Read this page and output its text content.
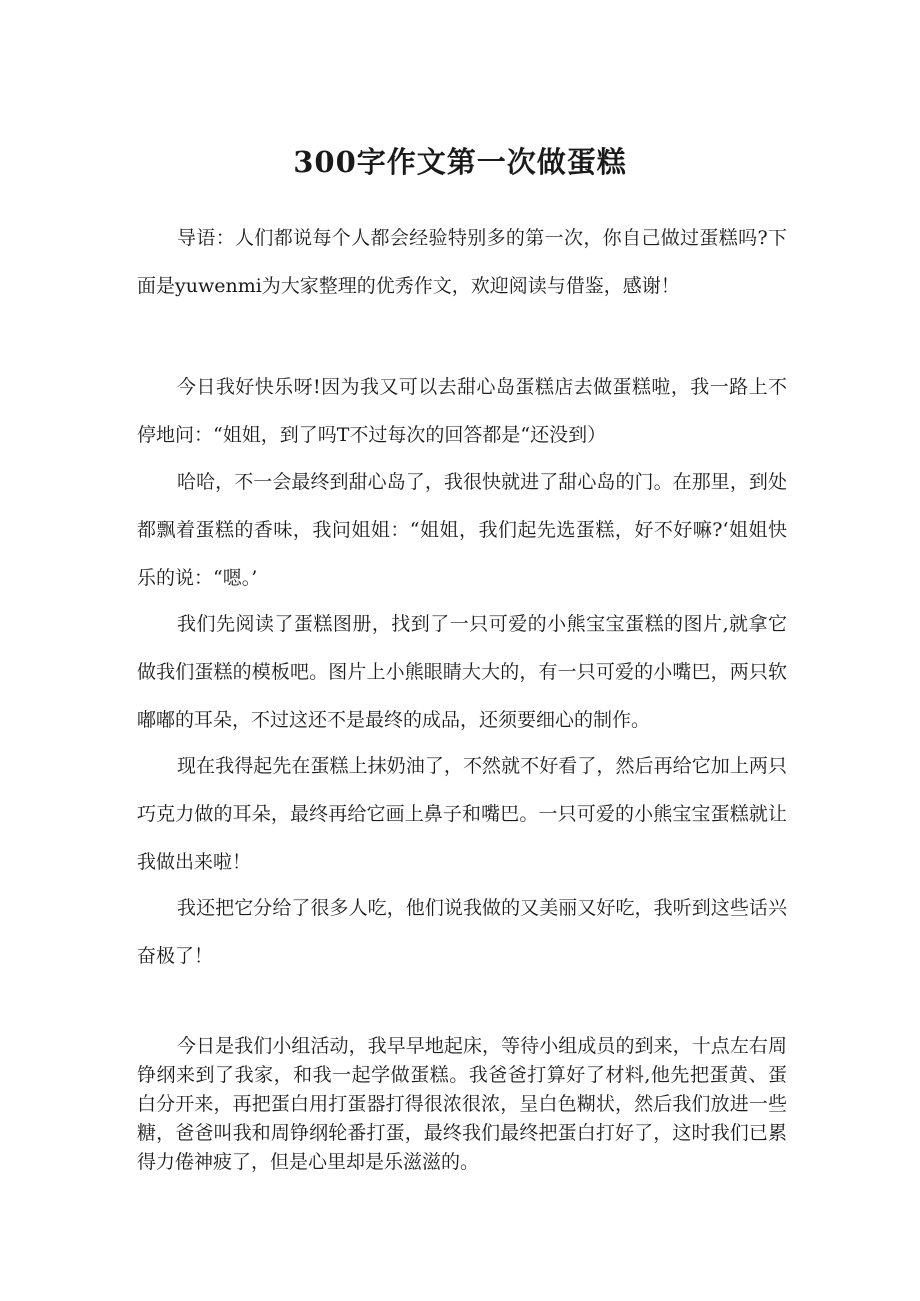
300字作文第一次做蛋糕

导语：人们都说每个人都会经验特别多的第一次，你自己做过蛋糕吗?下面是yuwenmi为大家整理的优秀作文，欢迎阅读与借鉴，感谢！

今日我好快乐呀!因为我又可以去甜心岛蛋糕店去做蛋糕啦，我一路上不停地问：“姐姐，到了吗T不过每次的回答都是“还没到）

哈哈，不一会最终到甜心岛了，我很快就进了甜心岛的门。在那里，到处都飘着蛋糕的香味，我问姐姐：“姐姐，我们起先选蛋糕，好不好嘛?‘姐姐快乐的说：“嗯。’

我们先阅读了蛋糕图册，找到了一只可爱的小熊宝宝蛋糕的图片,就拿它做我们蛋糕的模板吧。图片上小熊眼睛大大的，有一只可爱的小嘴巴，两只软嘟嘟的耳朵，不过这还不是最终的成品，还须要细心的制作。

现在我得起先在蛋糕上抹奶油了，不然就不好看了，然后再给它加上两只巧克力做的耳朵，最终再给它画上鼻子和嘴巴。一只可爱的小熊宝宝蛋糕就让我做出来啦！

我还把它分给了很多人吃，他们说我做的又美丽又好吃，我听到这些话兴奋极了！

今日是我们小组活动，我早早地起床，等待小组成员的到来，十点左右周铮纲来到了我家，和我一起学做蛋糕。我爸爸打算好了材料,他先把蛋黄、蛋白分开来，再把蛋白用打蛋器打得很浓很浓，呈白色糊状，然后我们放进一些糖，爸爸叫我和周铮纲轮番打蛋，最终我们最终把蛋白打好了，这时我们已累得力倦神疲了，但是心里却是乐滋滋的。
